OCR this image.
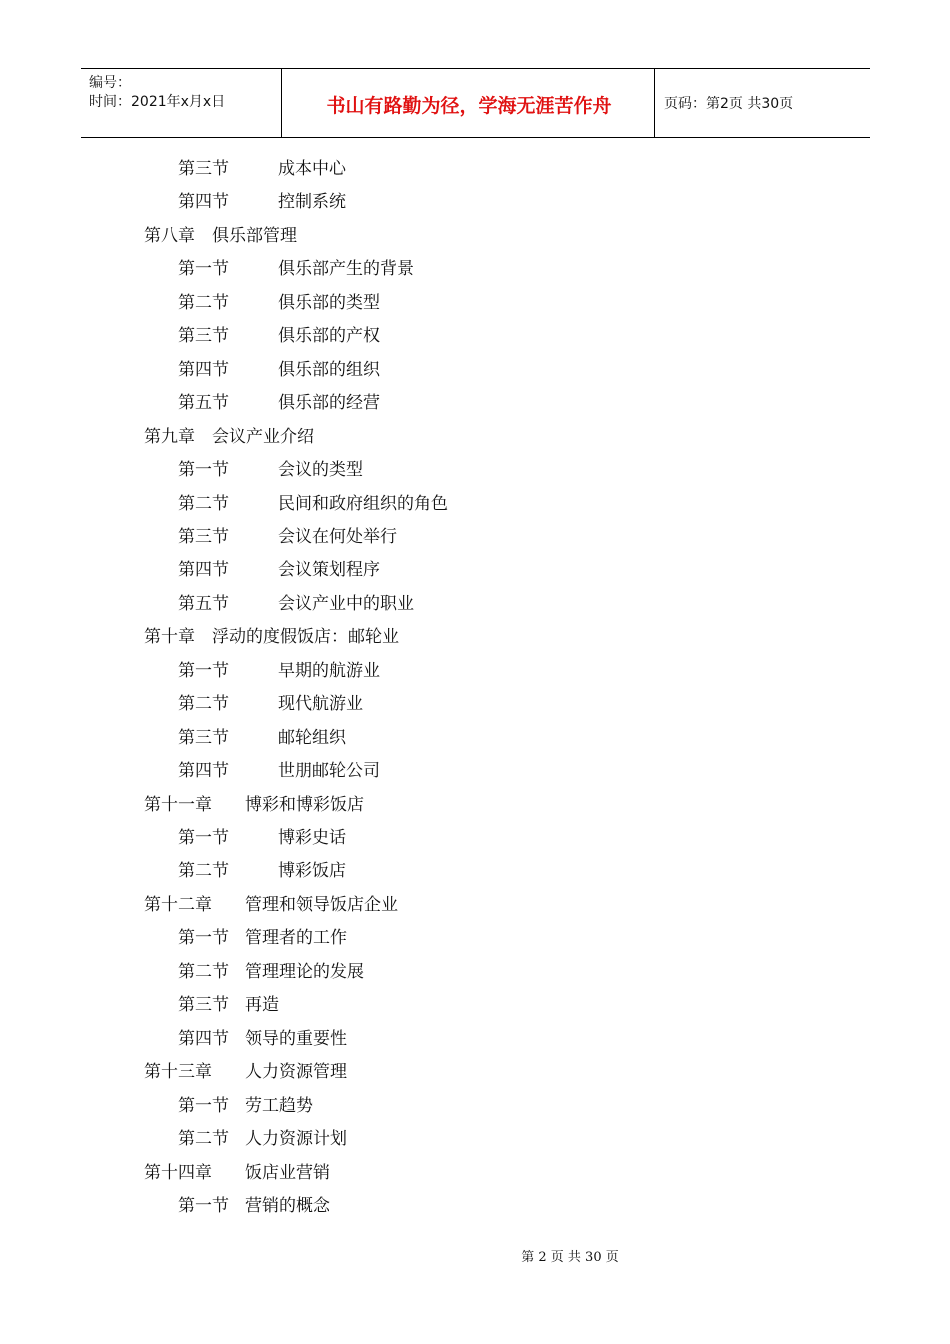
编号：
时间：2021年x月x日	书山有路勤为径，学海无涯苦作舟	页码：第2页 共30页
第三节	成本中心
第四节	控制系统
第八章 俱乐部管理
第一节	俱乐部产生的背景
第二节	俱乐部的类型
第三节	俱乐部的产权
第四节	俱乐部的组织
第五节	俱乐部的经营
第九章 会议产业介绍
第一节	会议的类型
第二节	民间和政府组织的角色
第三节	会议在何处举行
第四节	会议策划程序
第五节	会议产业中的职业
第十章 浮动的度假饭店：邮轮业
第一节	早期的航游业
第二节	现代航游业
第三节	邮轮组织
第四节	世朋邮轮公司
第十一章 博彩和博彩饭店
第一节	博彩史话
第二节	博彩饭店
第十二章 管理和领导饭店企业
第一节 管理者的工作
第二节 管理理论的发展
第三节 再造
第四节 领导的重要性
第十三章 人力资源管理
第一节 劳工趋势
第二节 人力资源计划
第十四章 饭店业营销
第一节 营销的概念
第 2 页 共 30 页
